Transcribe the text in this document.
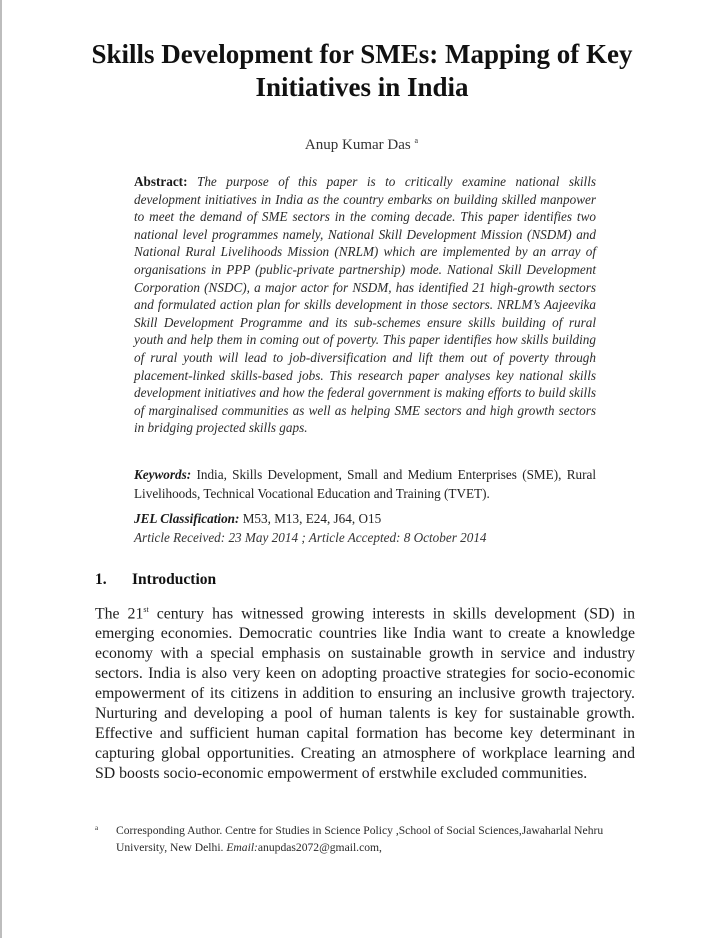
Skills Development for SMEs: Mapping of Key Initiatives in India
Anup Kumar Das $^a$
Abstract: The purpose of this paper is to critically examine national skills development initiatives in India as the country embarks on building skilled manpower to meet the demand of SME sectors in the coming decade. This paper identifies two national level programmes namely, National Skill Development Mission (NSDM) and National Rural Livelihoods Mission (NRLM) which are implemented by an array of organisations in PPP (public-private partnership) mode. National Skill Development Corporation (NSDC), a major actor for NSDM, has identified 21 high-growth sectors and formulated action plan for skills development in those sectors. NRLM’s Aajeevika Skill Development Programme and its sub-schemes ensure skills building of rural youth and help them in coming out of poverty. This paper identifies how skills building of rural youth will lead to job-diversification and lift them out of poverty through placement-linked skills-based jobs. This research paper analyses key national skills development initiatives and how the federal government is making efforts to build skills of marginalised communities as well as helping SME sectors and high growth sectors in bridging projected skills gaps.
Keywords: India, Skills Development, Small and Medium Enterprises (SME), Rural Livelihoods, Technical Vocational Education and Training (TVET).
JEL Classification: M53, M13, E24, J64, O15
Article Received: 23 May 2014 ; Article Accepted: 8 October 2014
1. Introduction

The 21st century has witnessed growing interests in skills development (SD) in emerging economies. Democratic countries like India want to create a knowledge economy with a special emphasis on sustainable growth in service and industry sectors. India is also very keen on adopting proactive strategies for socio-economic empowerment of its citizens in addition to ensuring an inclusive growth trajectory. Nurturing and developing a pool of human talents is key for sustainable growth. Effective and sufficient human capital formation has become key determinant in capturing global opportunities. Creating an atmosphere of workplace learning and SD boosts socio-economic empowerment of erstwhile excluded communities.

a	Corresponding Author. Centre for Studies in Science Policy ,School of Social Sciences,Jawaharlal Nehru University, New Delhi. Email:anupdas2072@gmail.com,
